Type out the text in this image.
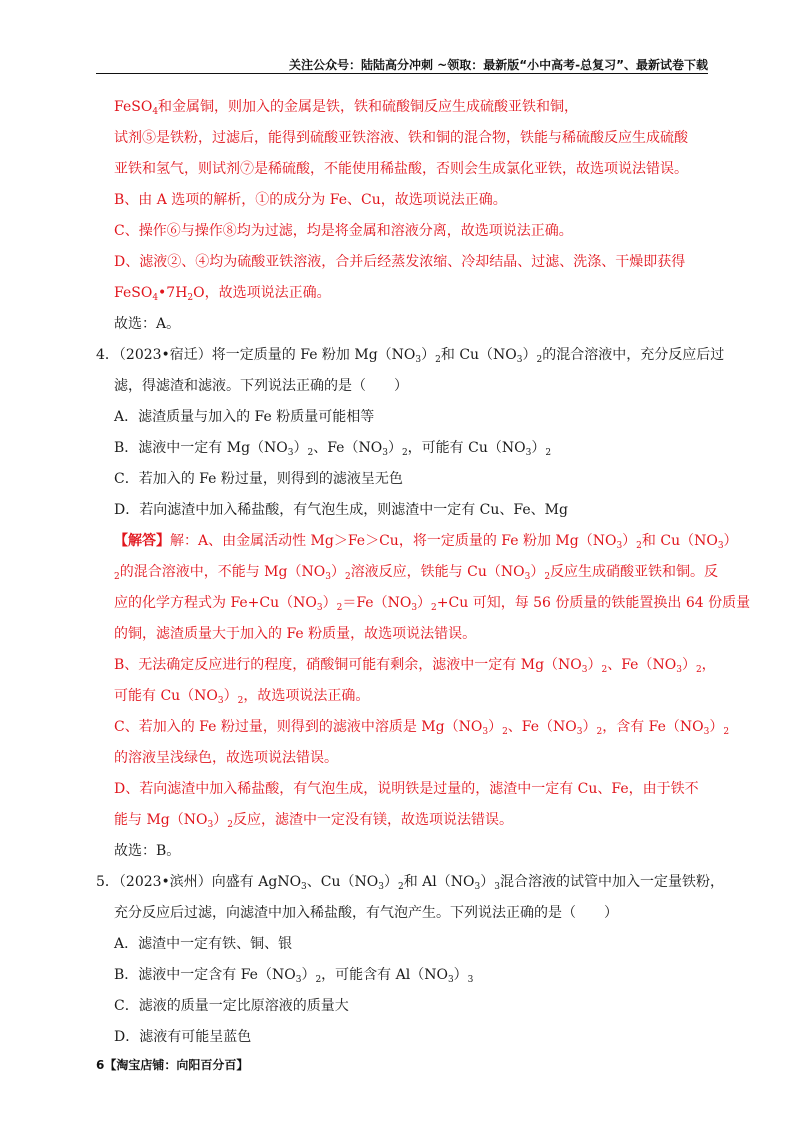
关注公众号：陆陆高分冲刺 ~领取：最新版“小中高考-总复习”、最新试卷下载
FeSO$_4$和金属铜，则加入的金属是铁，铁和硫酸铜反应生成硫酸亚铁和铜，
试剂⑤是铁粉，过滤后，能得到硫酸亚铁溶液、铁和铜的混合物，铁能与稀硫酸反应生成硫酸
亚铁和氢气，则试剂⑦是稀硫酸，不能使用稀盐酸，否则会生成氯化亚铁，故选项说法错误。
B、由 A 选项的解析，①的成分为 Fe、Cu，故选项说法正确。
C、操作⑥与操作⑧均为过滤，均是将金属和溶液分离，故选项说法正确。
D、滤液②、④均为硫酸亚铁溶液，合并后经蒸发浓缩、冷却结晶、过滤、洗涤、干燥即获得
$FeSO_4•7H_2O$，故选项说法正确。
故选：A。
4．（2023•宿迁）将一定质量的 Fe 粉加 $Mg(NO_3)_2$和 $Cu(NO_3)_2$的混合溶液中，充分反应后过
滤，得滤渣和滤液。下列说法正确的是（　　）
A．滤渣质量与加入的 Fe 粉质量可能相等
B．滤液中一定有 $Mg(NO_3)_2$、$Fe(NO_3)_2$，可能有 $Cu(NO_3)_2$
C．若加入的 Fe 粉过量，则得到的滤液呈无色
D．若向滤渣中加入稀盐酸，有气泡生成，则滤渣中一定有 Cu、Fe、Mg
【解答】解：A、由金属活动性 Mg＞Fe＞Cu，将一定质量的 Fe 粉加 $Mg(NO_3)_2$和 $Cu(NO_3)$
$_2$的混合溶液中，不能与 $Mg(NO_3)_2$溶液反应，铁能与 $Cu(NO_3)_2$反应生成硝酸亚铁和铜。反
应的化学方程式为 $Fe+Cu(NO_3)_2=Fe(NO_3)_2+Cu$ 可知，每 56 份质量的铁能置换出 64 份质量
的铜，滤渣质量大于加入的 Fe 粉质量，故选项说法错误。
B、无法确定反应进行的程度，硝酸铜可能有剩余，滤液中一定有 $Mg(NO_3)_2$、$Fe(NO_3)_2$，
可能有 $Cu(NO_3)_2$，故选项说法正确。
C、若加入的 Fe 粉过量，则得到的滤液中溶质是 $Mg(NO_3)_2$、$Fe(NO_3)_2$，含有 $Fe(NO_3)_2$
的溶液呈浅绿色，故选项说法错误。
D、若向滤渣中加入稀盐酸，有气泡生成，说明铁是过量的，滤渣中一定有 Cu、Fe，由于铁不
能与 $Mg(NO_3)_2$反应，滤渣中一定没有镁，故选项说法错误。
故选：B。
5．（2023•滨州）向盛有 AgNO$_3$、$Cu(NO_3)_2$和 $Al(NO_3)_3$混合溶液的试管中加入一定量铁粉，
充分反应后过滤，向滤渣中加入稀盐酸，有气泡产生。下列说法正确的是（　　）
A．滤渣中一定有铁、铜、银
B．滤液中一定含有 $Fe(NO_3)_2$，可能含有 $Al(NO_3)_3$
C．滤液的质量一定比原溶液的质量大
D．滤液有可能呈蓝色
6【淘宝店铺：向阳百分百】
